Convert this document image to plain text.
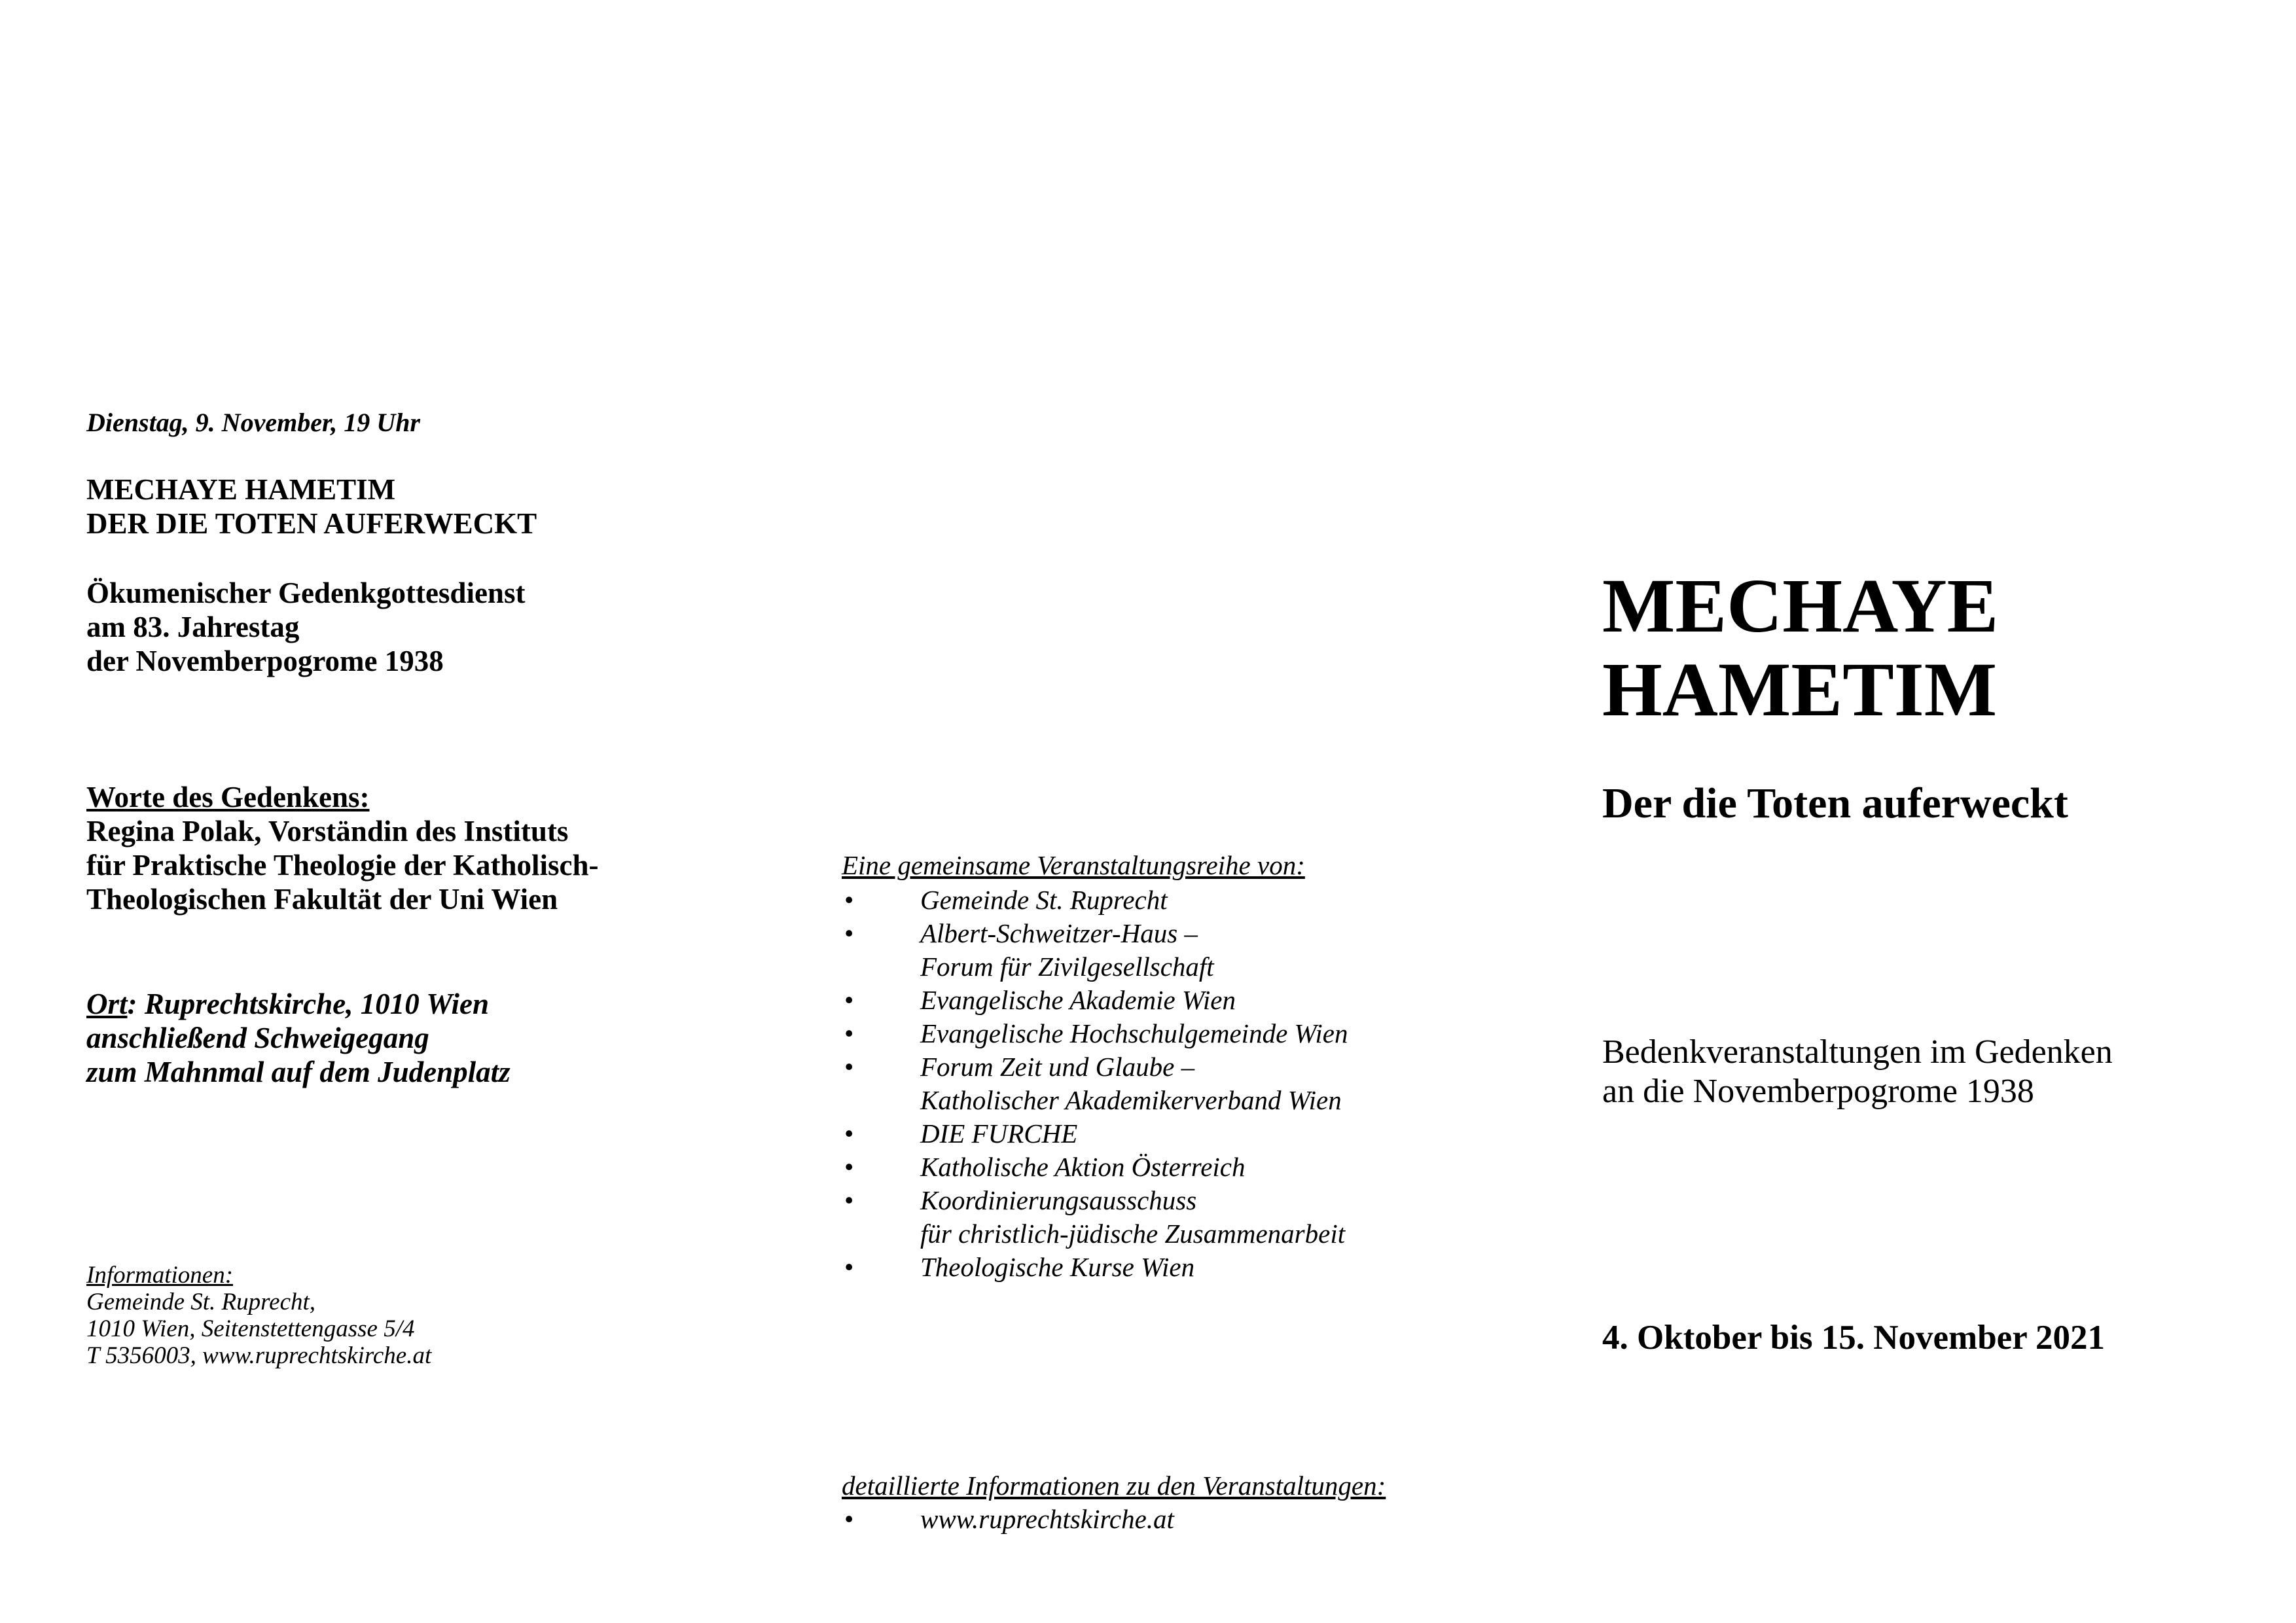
Dienstag, 9. November, 19 Uhr
MECHAYE HAMETIM
DER DIE TOTEN AUFERWECKT
Ökumenischer Gedenkgottesdienst
am 83. Jahrestag
der Novemberpogrome 1938
Worte des Gedenkens:
Regina Polak, Vorständin des Instituts
für Praktische Theologie der Katholisch-
Theologischen Fakultät der Uni Wien
Ort: Ruprechtskirche, 1010 Wien
anschließend Schweigegang
zum Mahnmal auf dem Judenplatz
Informationen:
Gemeinde St. Ruprecht,
1010 Wien, Seitenstettengasse 5/4
T 5356003, www.ruprechtskirche.at
Eine gemeinsame Veranstaltungsreihe von:
• Gemeinde St. Ruprecht
• Albert-Schweitzer-Haus –
Forum für Zivilgesellschaft
• Evangelische Akademie Wien
• Evangelische Hochschulgemeinde Wien
• Forum Zeit und Glaube –
Katholischer Akademikerverband Wien
• DIE FURCHE
• Katholische Aktion Österreich
• Koordinierungsausschuss
für christlich-jüdische Zusammenarbeit
• Theologische Kurse Wien
detaillierte Informationen zu den Veranstaltungen:
• www.ruprechtskirche.at
MECHAYE
HAMETIM
Der die Toten auferweckt
Bedenkveranstaltungen im Gedenken
an die Novemberpogrome 1938
4. Oktober bis 15. November 2021
